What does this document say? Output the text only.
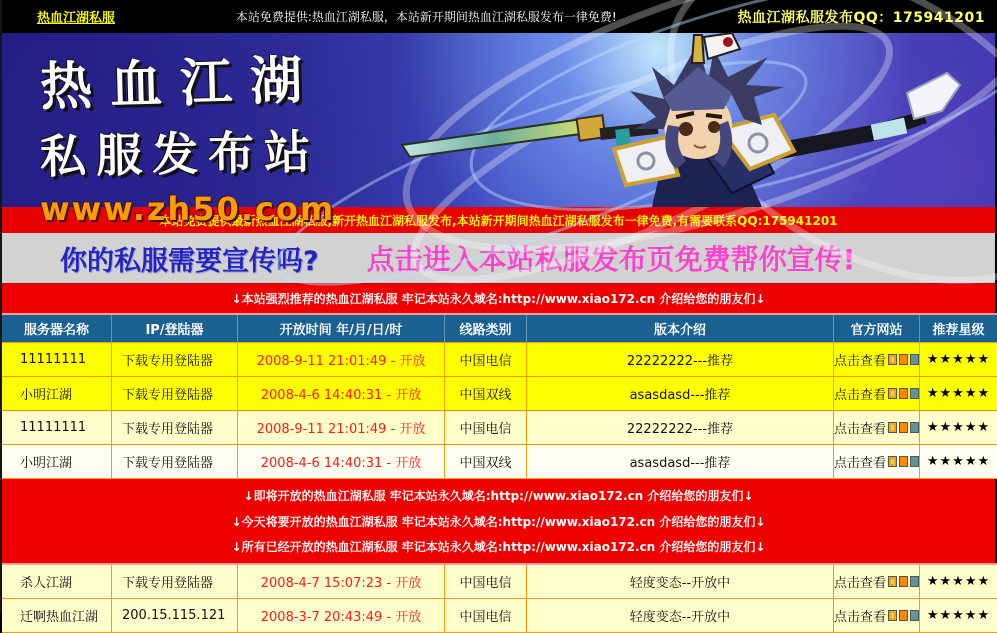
热血江湖私服	本站免费提供:热血江湖私服，本站新开期间热血江湖私服发布一律免费!	热血江湖私服发布QQ：175941201
热血江湖
私服发布站
www.zh50.com
本站免费提供最新热血江湖私服,新开热血江湖私服发布,本站新开期间热血江湖私服发布一律免费,有需要联系QQ:175941201
你的私服需要宣传吗? 点击进入本站私服发布页免费帮你宣传!
↓本站强烈推荐的热血江湖私服 牢记本站永久域名:http://www.xiao172.cn 介绍给您的朋友们↓
服务器名称	IP/登陆器	开放时间 年/月/日/时	线路类别	版本介绍	官方网站	推荐星级
11111111	下载专用登陆器	2008-9-11 21:01:49 - 开放	中国电信	22222222---推荐	点击查看	★★★★★
小明江湖	下载专用登陆器	2008-4-6 14:40:31 - 开放	中国双线	asasdasd---推荐	点击查看	★★★★★
11111111	下载专用登陆器	2008-9-11 21:01:49 - 开放	中国电信	22222222---推荐	点击查看	★★★★★
小明江湖	下载专用登陆器	2008-4-6 14:40:31 - 开放	中国双线	asasdasd---推荐	点击查看	★★★★★
↓即将开放的热血江湖私服 牢记本站永久域名:http://www.xiao172.cn 介绍给您的朋友们↓
↓今天将要开放的热血江湖私服 牢记本站永久域名:http://www.xiao172.cn 介绍给您的朋友们↓
↓所有已经开放的热血江湖私服 牢记本站永久域名:http://www.xiao172.cn 介绍给您的朋友们↓
杀人江湖	下载专用登陆器	2008-4-7 15:07:23 - 开放	中国电信	轻度变态--开放中	点击查看	★★★★★
迁啊热血江湖	200.15.115.121	2008-3-7 20:43:49 - 开放	中国电信	轻度变态--开放中	点击查看	★★★★★
